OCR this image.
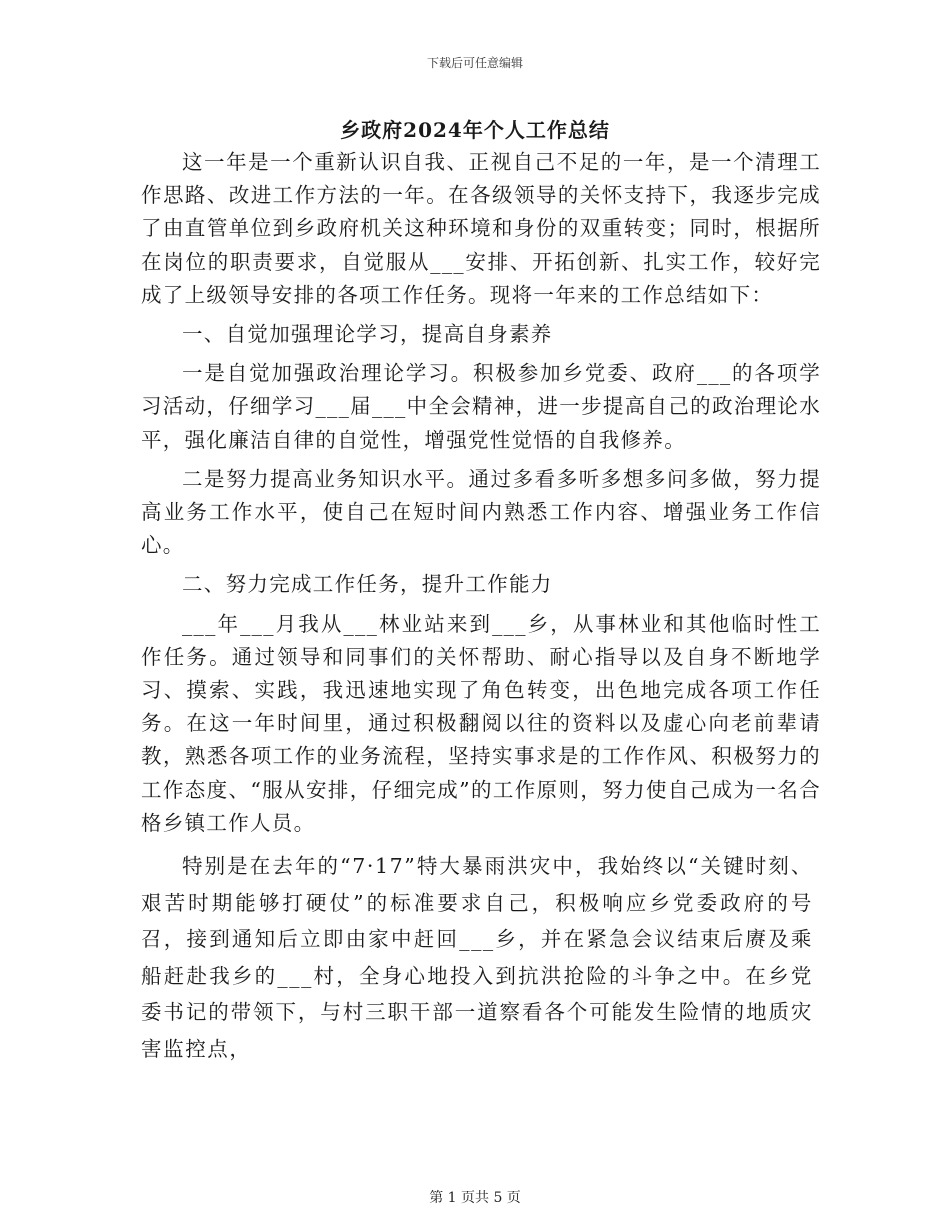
下载后可任意编辑
乡政府2024年个人工作总结

这一年是一个重新认识自我、正视自己不足的一年，是一个清理工作思路、改进工作方法的一年。在各级领导的关怀支持下，我逐步完成了由直管单位到乡政府机关这种环境和身份的双重转变；同时，根据所在岗位的职责要求，自觉服从___安排、开拓创新、扎实工作，较好完成了上级领导安排的各项工作任务。现将一年来的工作总结如下：

一、自觉加强理论学习，提高自身素养

一是自觉加强政治理论学习。积极参加乡党委、政府___的各项学习活动，仔细学习___届___中全会精神，进一步提高自己的政治理论水平，强化廉洁自律的自觉性，增强党性觉悟的自我修养。

二是努力提高业务知识水平。通过多看多听多想多问多做，努力提高业务工作水平，使自己在短时间内熟悉工作内容、增强业务工作信心。

二、努力完成工作任务，提升工作能力

___年___月我从___林业站来到___乡，从事林业和其他临时性工作任务。通过领导和同事们的关怀帮助、耐心指导以及自身不断地学习、摸索、实践，我迅速地实现了角色转变，出色地完成各项工作任务。在这一年时间里，通过积极翻阅以往的资料以及虚心向老前辈请教，熟悉各项工作的业务流程，坚持实事求是的工作作风、积极努力的工作态度、“服从安排，仔细完成”的工作原则，努力使自己成为一名合格乡镇工作人员。

特别是在去年的“7·17”特大暴雨洪灾中，我始终以“关键时刻、艰苦时期能够打硬仗”的标准要求自己，积极响应乡党委政府的号召，接到通知后立即由家中赶回___乡，并在紧急会议结束后赓及乘船赶赴我乡的___村，全身心地投入到抗洪抢险的斗争之中。在乡党委书记的带领下，与村三职干部一道察看各个可能发生险情的地质灾害监控点，

第 1 页共 5 页
